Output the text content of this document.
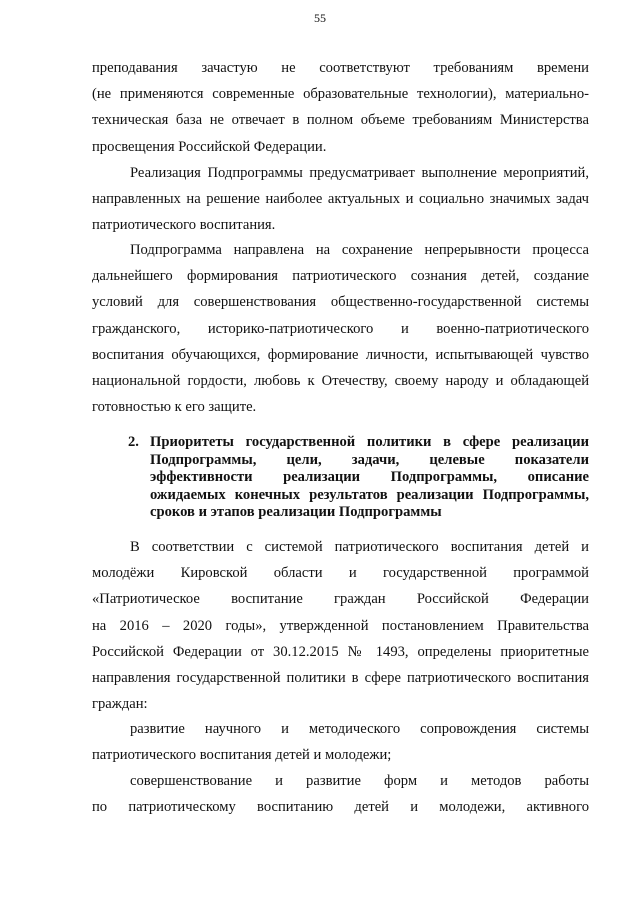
55
преподавания зачастую не соответствуют требованиям времени
(не применяются современные образовательные технологии), материально-
техническая база не отвечает в полном объеме требованиям Министерства
просвещения Российской Федерации.
Реализация Подпрограммы предусматривает выполнение мероприятий,
направленных на решение наиболее актуальных и социально значимых задач
патриотического воспитания.
Подпрограмма направлена на сохранение непрерывности процесса
дальнейшего формирования патриотического сознания детей, создание
условий для совершенствования общественно-государственной системы
гражданского, историко-патриотического и военно-патриотического
воспитания обучающихся, формирование личности, испытывающей чувство
национальной гордости, любовь к Отечеству, своему народу и обладающей
готовностью к его защите.
2. Приоритеты государственной политики в сфере реализации
Подпрограммы, цели, задачи, целевые показатели
эффективности реализации Подпрограммы, описание
ожидаемых конечных результатов реализации Подпрограммы,
сроков и этапов реализации Подпрограммы
В соответствии с системой патриотического воспитания детей и
молодёжи Кировской области и государственной программой
«Патриотическое воспитание граждан Российской Федерации
на 2016 – 2020 годы», утвержденной постановлением Правительства
Российской Федерации от 30.12.2015 № 1493, определены приоритетные
направления государственной политики в сфере патриотического воспитания
граждан:
развитие научного и методического сопровождения системы
патриотического воспитания детей и молодежи;
совершенствование и развитие форм и методов работы
по патриотическому воспитанию детей и молодежи, активного
